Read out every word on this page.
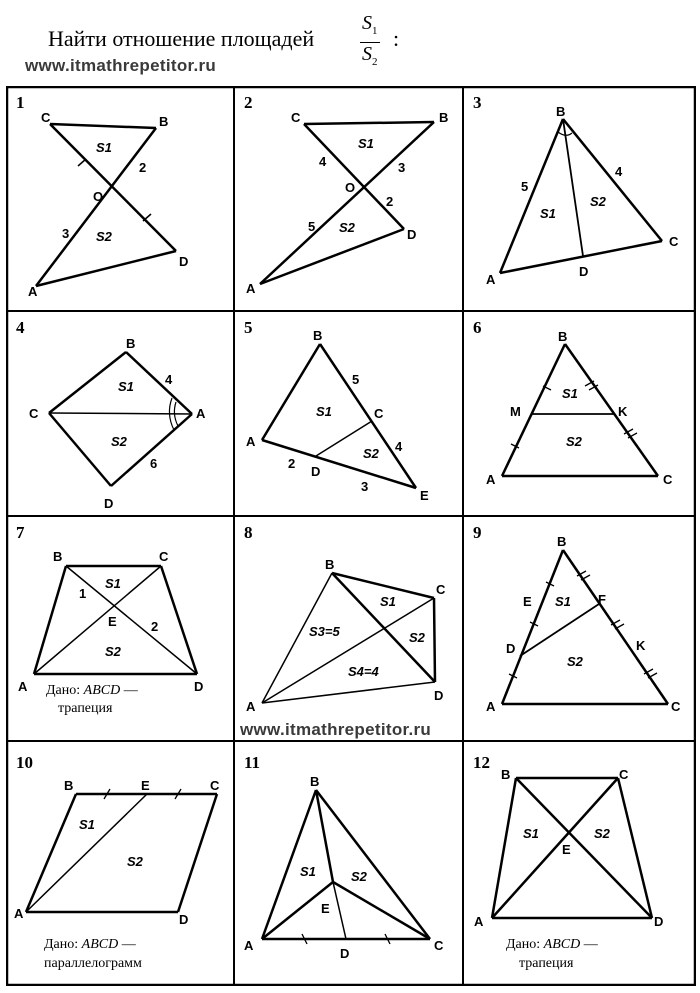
Найти отношение площадей $\frac{S_1}{S_2}$ :
www.itmathrepetitor.ru
1
C	B
O
A
D
S1
S2
2
3
2
C	B
O
A
D
S1
S2
4	3
5
2
3	B
A
C
D
S1
S2
5
4
4
B
C	A
D
S1
S2
4
6
5	B
A
C
D
E
S1
S2
5
4
2
3
6	B
M	K
A	C
S1
S2
7
B	C
E
A	D
S1
S2
1
2
Дано: ABCD —
трапеция
8
B
C
A
D
S1
S2
S3=5
S4=4
9	B
E	F
D	K
A	C
S1
S2
10
B	E	C
A	D
S1
S2
Дано: ABCD —
параллелограмм
11
B
E
A
D
C
S1	S2
12
B	C
E
A	D
S1	S2
Дано: ABCD —
трапеция
www.itmathrepetitor.ru
